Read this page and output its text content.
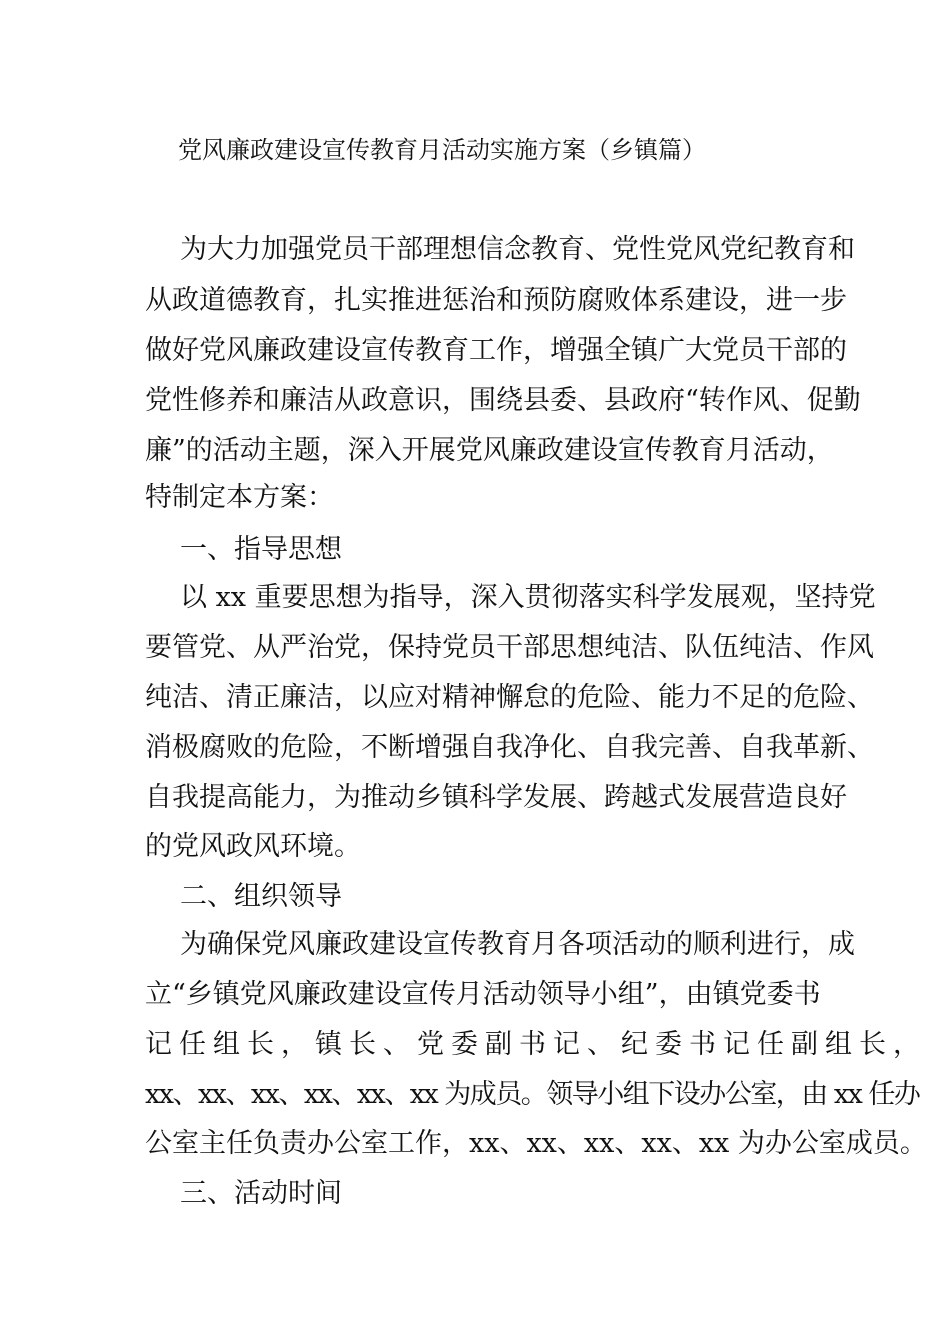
党风廉政建设宣传教育月活动实施方案（乡镇篇）
为大力加强党员干部理想信念教育、党性党风党纪教育和
从政道德教育，扎实推进惩治和预防腐败体系建设，进一步
做好党风廉政建设宣传教育工作，增强全镇广大党员干部的
党性修养和廉洁从政意识，围绕县委、县政府“转作风、促勤
廉”的活动主题，深入开展党风廉政建设宣传教育月活动，
特制定本方案：
一、指导思想
以 xx 重要思想为指导，深入贯彻落实科学发展观，坚持党
要管党、从严治党，保持党员干部思想纯洁、队伍纯洁、作风
纯洁、清正廉洁，以应对精神懈怠的危险、能力不足的危险、
消极腐败的危险，不断增强自我净化、自我完善、自我革新、
自我提高能力，为推动乡镇科学发展、跨越式发展营造良好
的党风政风环境。
二、组织领导
为确保党风廉政建设宣传教育月各项活动的顺利进行，成
立“乡镇党风廉政建设宣传月活动领导小组”，由镇党委书
记任组长，镇长、党委副书记、纪委书记任副组长，
xx、xx、xx、xx、xx、xx 为成员。领导小组下设办公室，由 xx 任办
公室主任负责办公室工作，xx、xx、xx、xx、xx 为办公室成员。
三、活动时间
